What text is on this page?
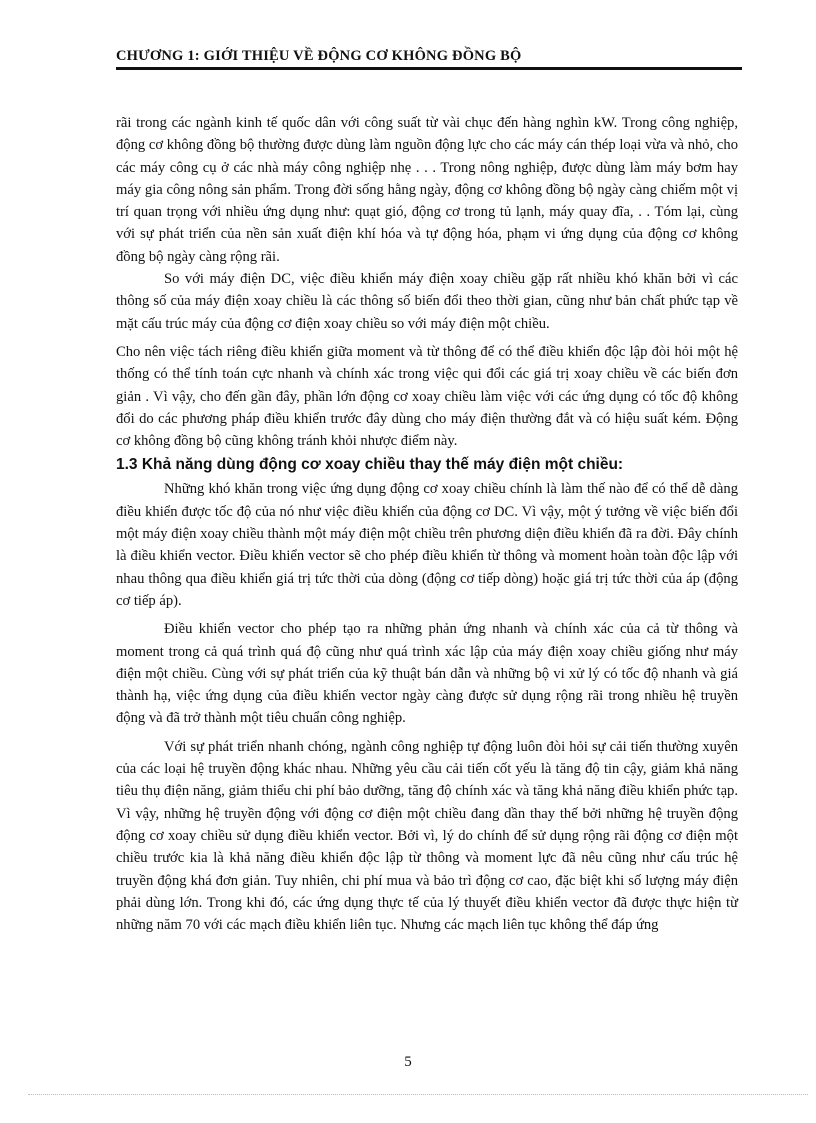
CHƯƠNG 1: GIỚI THIỆU VỀ ĐỘNG CƠ KHÔNG ĐỒNG BỘ

rãi trong các ngành kinh tế quốc dân với công suất từ vài chục đến hàng nghìn kW. Trong công nghiệp, động cơ không đồng bộ thường được dùng làm nguồn động lực cho các máy cán thép loại vừa và nhỏ, cho các máy công cụ ở các nhà máy công nghiệp nhẹ . . . Trong nông nghiệp, được dùng làm máy bơm hay máy gia công nông sản phẩm. Trong đời sống hằng ngày, động cơ không đồng bộ ngày càng chiếm một vị trí quan trọng với nhiều ứng dụng như: quạt gió, động cơ trong tủ lạnh, máy quay đĩa, . . Tóm lại, cùng với sự phát triển của nền sản xuất điện khí hóa và tự động hóa, phạm vi ứng dụng của động cơ không đồng bộ ngày càng rộng rãi.

So với máy điện DC, việc điều khiển máy điện xoay chiều gặp rất nhiều khó khăn bởi vì các thông số của máy điện xoay chiều là các thông số biến đổi theo thời gian, cũng như bản chất phức tạp về mặt cấu trúc máy của động cơ điện xoay chiều so với máy điện một chiều.

Cho nên việc tách riêng điều khiển giữa moment và từ thông để có thể điều khiển độc lập đòi hỏi một hệ thống có thể tính toán cực nhanh và chính xác trong việc qui đổi các giá trị xoay chiều về các biến đơn giản . Vì vậy, cho đến gần đây, phần lớn động cơ xoay chiều làm việc với các ứng dụng có tốc độ không đổi do các phương pháp điều khiển trước đây dùng cho máy điện thường đắt và có hiệu suất kém. Động cơ không đồng bộ cũng không tránh khỏi nhược điểm này.

1.3 Khả năng dùng động cơ xoay chiều thay thế máy điện một chiều:

Những khó khăn trong việc ứng dụng động cơ xoay chiều chính là làm thế nào để có thể dễ dàng điều khiển được tốc độ của nó như việc điều khiển của động cơ DC. Vì vậy, một ý tưởng về việc biến đổi một máy điện xoay chiều thành một máy điện một chiều trên phương diện điều khiển đã ra đời. Đây chính là điều khiển vector. Điều khiển vector sẽ cho phép điều khiển từ thông và moment hoàn toàn độc lập với nhau thông qua điều khiển giá trị tức thời của dòng (động cơ tiếp dòng) hoặc giá trị tức thời của áp (động cơ tiếp áp).

Điều khiển vector cho phép tạo ra những phản ứng nhanh và chính xác của cả từ thông và moment trong cả quá trình quá độ cũng như quá trình xác lập của máy điện xoay chiều giống như máy điện một chiều. Cùng với sự phát triển của kỹ thuật bán dẫn và những bộ vi xử lý có tốc độ nhanh và giá thành hạ, việc ứng dụng của điều khiển vector ngày càng được sử dụng rộng rãi trong nhiều hệ truyền động và đã trở thành một tiêu chuẩn công nghiệp.

Với sự phát triển nhanh chóng, ngành công nghiệp tự động luôn đòi hỏi sự cải tiến thường xuyên của các loại hệ truyền động khác nhau. Những yêu cầu cải tiến cốt yếu là tăng độ tin cậy, giảm khả năng tiêu thụ điện năng, giảm thiểu chi phí bảo dưỡng, tăng độ chính xác và tăng khả năng điều khiển phức tạp. Vì vậy, những hệ truyền động với động cơ điện một chiều đang dần thay thế bởi những hệ truyền động động cơ xoay chiều sử dụng điều khiển vector. Bởi vì, lý do chính để sử dụng rộng rãi động cơ điện một chiều trước kia là khả năng điều khiển độc lập từ thông và moment lực đã nêu cũng như cấu trúc hệ truyền động khá đơn giản. Tuy nhiên, chi phí mua và bảo trì động cơ cao, đặc biệt khi số lượng máy điện phải dùng lớn. Trong khi đó, các ứng dụng thực tế của lý thuyết điều khiển vector đã được thực hiện từ những năm 70 với các mạch điều khiển liên tục. Nhưng các mạch liên tục không thể đáp ứng

5
